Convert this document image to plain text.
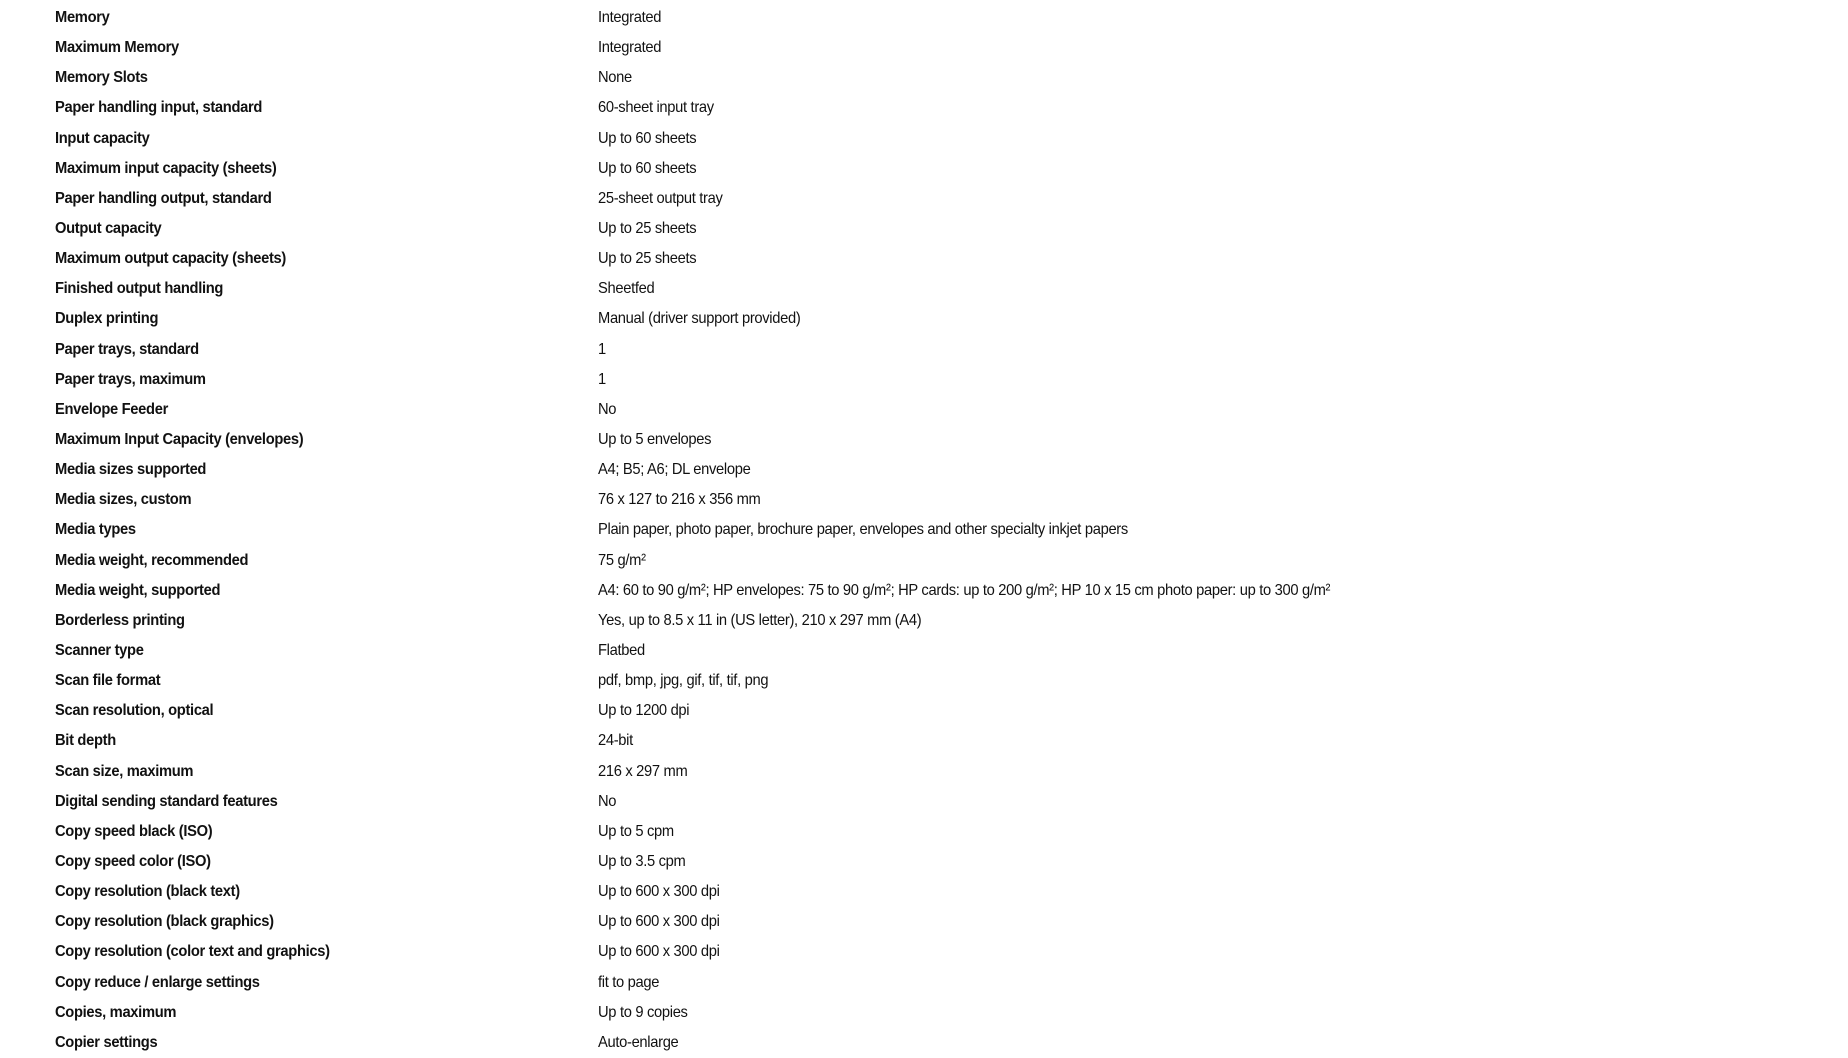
Memory	Integrated
Maximum Memory	Integrated
Memory Slots	None
Paper handling input, standard	60-sheet input tray
Input capacity	Up to 60 sheets
Maximum input capacity (sheets)	Up to 60 sheets
Paper handling output, standard	25-sheet output tray
Output capacity	Up to 25 sheets
Maximum output capacity (sheets)	Up to 25 sheets
Finished output handling	Sheetfed
Duplex printing	Manual (driver support provided)
Paper trays, standard	1
Paper trays, maximum	1
Envelope Feeder	No
Maximum Input Capacity (envelopes)	Up to 5 envelopes
Media sizes supported	A4; B5; A6; DL envelope
Media sizes, custom	76 x 127 to 216 x 356 mm
Media types	Plain paper, photo paper, brochure paper, envelopes and other specialty inkjet papers
Media weight, recommended	75 g/m²
Media weight, supported	A4: 60 to 90 g/m²; HP envelopes: 75 to 90 g/m²; HP cards: up to 200 g/m²; HP 10 x 15 cm photo paper: up to 300 g/m²
Borderless printing	Yes, up to 8.5 x 11 in (US letter), 210 x 297 mm (A4)
Scanner type	Flatbed
Scan file format	pdf, bmp, jpg, gif, tif, tif, png
Scan resolution, optical	Up to 1200 dpi
Bit depth	24-bit
Scan size, maximum	216 x 297 mm
Digital sending standard features	No
Copy speed black (ISO)	Up to 5 cpm
Copy speed color (ISO)	Up to 3.5 cpm
Copy resolution (black text)	Up to 600 x 300 dpi
Copy resolution (black graphics)	Up to 600 x 300 dpi
Copy resolution (color text and graphics)	Up to 600 x 300 dpi
Copy reduce / enlarge settings	fit to page
Copies, maximum	Up to 9 copies
Copier settings	Auto-enlarge
